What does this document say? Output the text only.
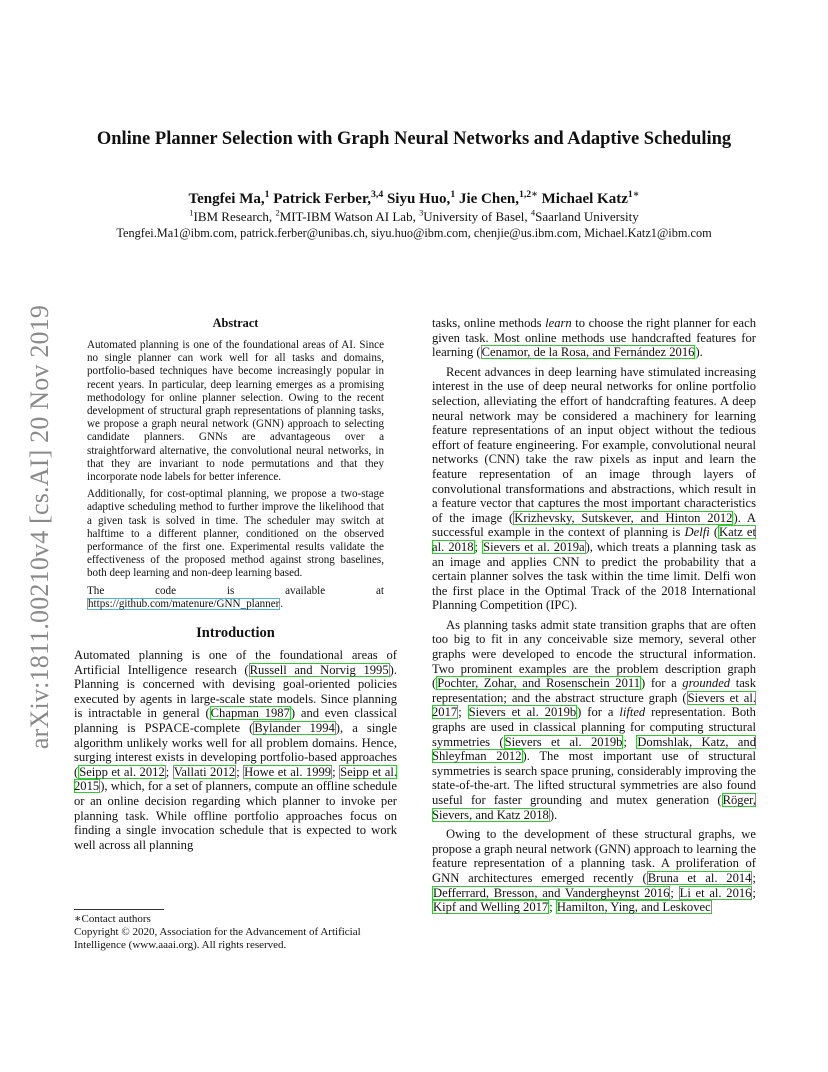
arXiv:1811.00210v4 [cs.AI] 20 Nov 2019
Online Planner Selection with Graph Neural Networks and Adaptive Scheduling
Tengfei Ma,$^1$ Patrick Ferber,$^{3,4}$ Siyu Huo,$^1$ Jie Chen,$^{1,2∗}$ Michael Katz$^{1∗}$
$^1$IBM Research, $^2$MIT-IBM Watson AI Lab, $^3$University of Basel, $^4$Saarland University
Tengfei.Ma1@ibm.com, patrick.ferber@unibas.ch, siyu.huo@ibm.com, chenjie@us.ibm.com, Michael.Katz1@ibm.com
Abstract

Automated planning is one of the foundational areas of AI. Since no single planner can work well for all tasks and domains, portfolio-based techniques have become increasingly popular in recent years. In particular, deep learning emerges as a promising methodology for online planner selection. Owing to the recent development of structural graph representations of planning tasks, we propose a graph neural network (GNN) approach to selecting candidate planners. GNNs are advantageous over a straightforward alternative, the convolutional neural networks, in that they are invariant to node permutations and that they incorporate node labels for better inference.

Additionally, for cost-optimal planning, we propose a two-stage adaptive scheduling method to further improve the likelihood that a given task is solved in time. The scheduler may switch at halftime to a different planner, conditioned on the observed performance of the first one. Experimental results validate the effectiveness of the proposed method against strong baselines, both deep learning and non-deep learning based.

The code is available at https://github.com/matenure/GNN_planner.

Introduction

Automated planning is one of the foundational areas of Artificial Intelligence research (Russell and Norvig 1995). Planning is concerned with devising goal-oriented policies executed by agents in large-scale state models. Since planning is intractable in general (Chapman 1987) and even classical planning is PSPACE-complete (Bylander 1994), a single algorithm unlikely works well for all problem domains. Hence, surging interest exists in developing portfolio-based approaches (Seipp et al. 2012; Vallati 2012; Howe et al. 1999; Seipp et al. 2015), which, for a set of planners, compute an offline schedule or an online decision regarding which planner to invoke per planning task. While offline portfolio approaches focus on finding a single invocation schedule that is expected to work well across all planning

∗Contact authors

Copyright © 2020, Association for the Advancement of Artificial Intelligence (www.aaai.org). All rights reserved.

tasks, online methods learn to choose the right planner for each given task. Most online methods use handcrafted features for learning (Cenamor, de la Rosa, and Fernández 2016).

Recent advances in deep learning have stimulated increasing interest in the use of deep neural networks for online portfolio selection, alleviating the effort of handcrafting features. A deep neural network may be considered a machinery for learning feature representations of an input object without the tedious effort of feature engineering. For example, convolutional neural networks (CNN) take the raw pixels as input and learn the feature representation of an image through layers of convolutional transformations and abstractions, which result in a feature vector that captures the most important characteristics of the image (Krizhevsky, Sutskever, and Hinton 2012). A successful example in the context of planning is Delfi (Katz et al. 2018; Sievers et al. 2019a), which treats a planning task as an image and applies CNN to predict the probability that a certain planner solves the task within the time limit. Delfi won the first place in the Optimal Track of the 2018 International Planning Competition (IPC).

As planning tasks admit state transition graphs that are often too big to fit in any conceivable size memory, several other graphs were developed to encode the structural information. Two prominent examples are the problem description graph (Pochter, Zohar, and Rosenschein 2011) for a grounded task representation; and the abstract structure graph (Sievers et al. 2017; Sievers et al. 2019b) for a lifted representation. Both graphs are used in classical planning for computing structural symmetries (Sievers et al. 2019b; Domshlak, Katz, and Shleyfman 2012). The most important use of structural symmetries is search space pruning, considerably improving the state-of-the-art. The lifted structural symmetries are also found useful for faster grounding and mutex generation (Röger, Sievers, and Katz 2018).

Owing to the development of these structural graphs, we propose a graph neural network (GNN) approach to learning the feature representation of a planning task. A proliferation of GNN architectures emerged recently (Bruna et al. 2014; Defferrard, Bresson, and Vandergheynst 2016; Li et al. 2016; Kipf and Welling 2017; Hamilton, Ying, and Leskovec
